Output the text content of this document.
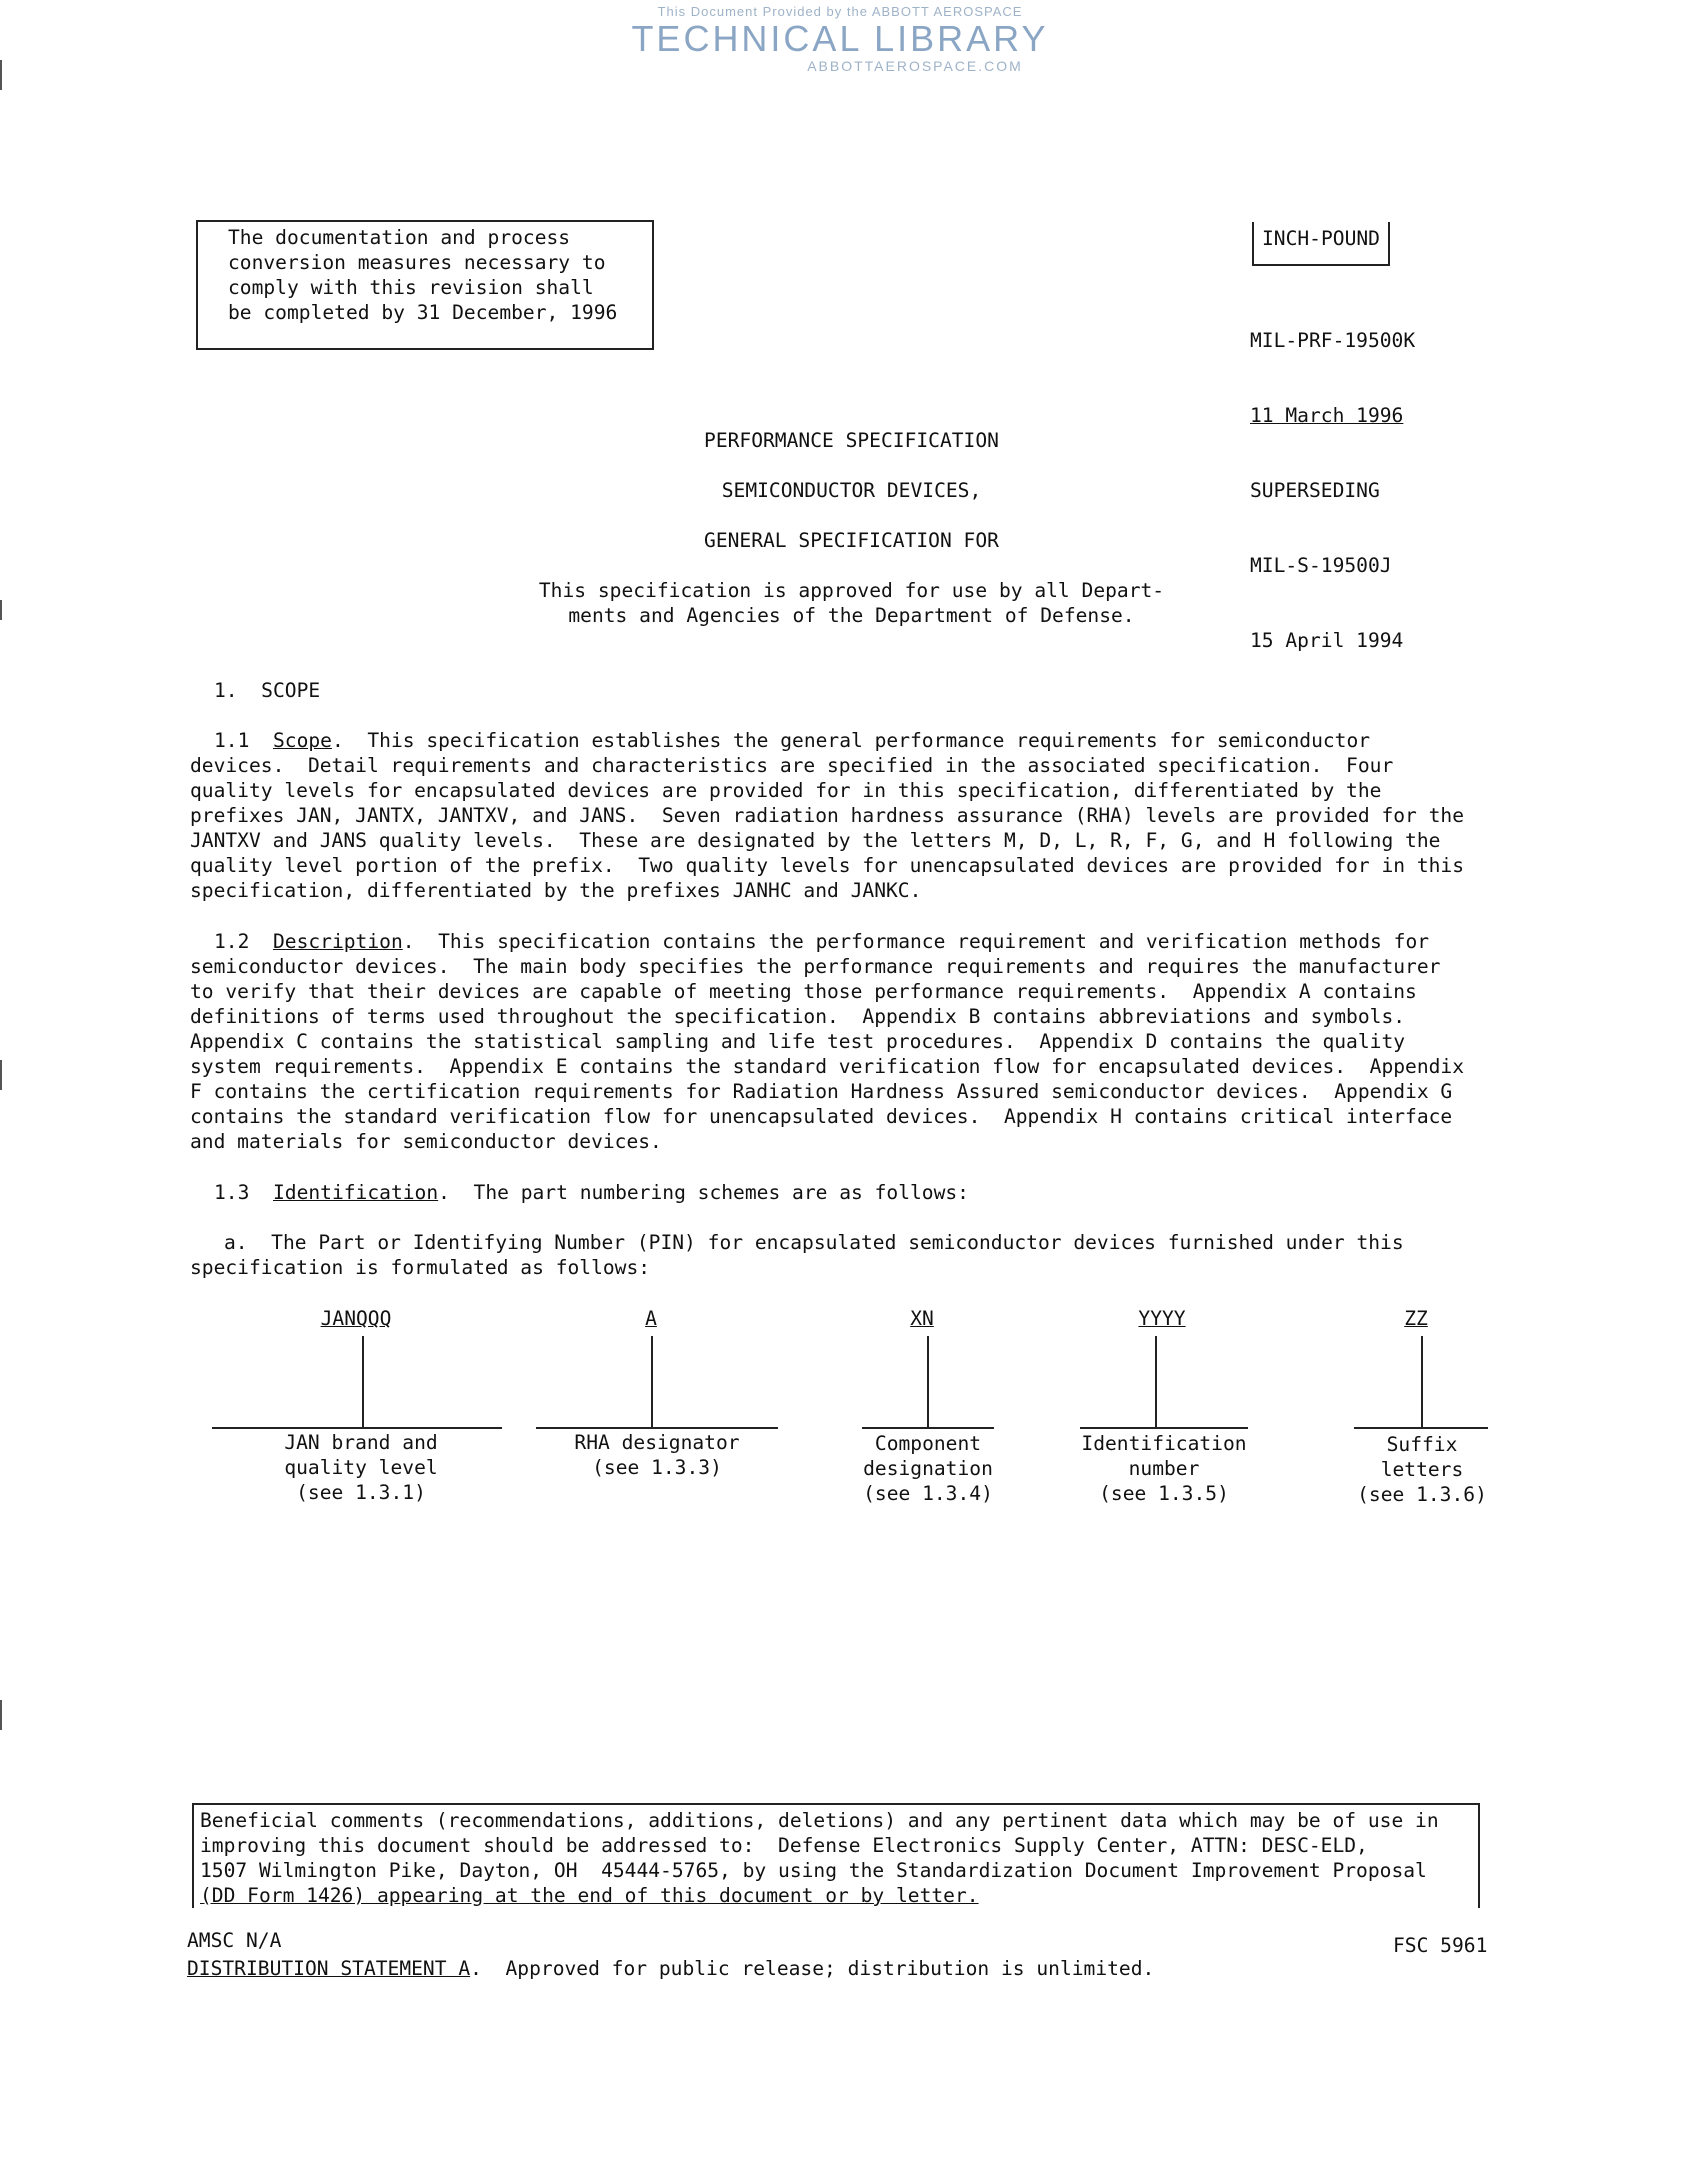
This Document Provided by the ABBOTT AEROSPACE
TECHNICAL LIBRARY
ABBOTTAEROSPACE.COM
The documentation and process
conversion measures necessary to
comply with this revision shall
be completed by 31 December, 1996
INCH-POUND

MIL-PRF-19500K

11 March 1996

SUPERSEDING

MIL-S-19500J

15 April 1994

PERFORMANCE SPECIFICATION
SEMICONDUCTOR DEVICES,
GENERAL SPECIFICATION FOR
This specification is approved for use by all Depart-
ments and Agencies of the Department of Defense.
1.  SCOPE
1.1 Scope.  This specification establishes the general performance requirements for semiconductor
devices.  Detail requirements and characteristics are specified in the associated specification.  Four
quality levels for encapsulated devices are provided for in this specification, differentiated by the
prefixes JAN, JANTX, JANTXV, and JANS.  Seven radiation hardness assurance (RHA) levels are provided for the
JANTXV and JANS quality levels.  These are designated by the letters M, D, L, R, F, G, and H following the
quality level portion of the prefix.  Two quality levels for unencapsulated devices are provided for in this
specification, differentiated by the prefixes JANHC and JANKC.
1.2 Description.  This specification contains the performance requirement and verification methods for
semiconductor devices.  The main body specifies the performance requirements and requires the manufacturer
to verify that their devices are capable of meeting those performance requirements.  Appendix A contains
definitions of terms used throughout the specification.  Appendix B contains abbreviations and symbols.
Appendix C contains the statistical sampling and life test procedures.  Appendix D contains the quality
system requirements.  Appendix E contains the standard verification flow for encapsulated devices.  Appendix
F contains the certification requirements for Radiation Hardness Assured semiconductor devices.  Appendix G
contains the standard verification flow for unencapsulated devices.  Appendix H contains critical interface
and materials for semiconductor devices.
1.3 Identification.  The part numbering schemes are as follows:
a.  The Part or Identifying Number (PIN) for encapsulated semiconductor devices furnished under this
specification is formulated as follows:
JANQQQ
JAN brand and
quality level
(see 1.3.1)
A
RHA designator
(see 1.3.3)
XN
Component
designation
(see 1.3.4)
YYYY
Identification
number
(see 1.3.5)
ZZ
Suffix
letters
(see 1.3.6)
Beneficial comments (recommendations, additions, deletions) and any pertinent data which may be of use in
improving this document should be addressed to:  Defense Electronics Supply Center, ATTN: DESC-ELD,
1507 Wilmington Pike, Dayton, OH  45444-5765, by using the Standardization Document Improvement Proposal
(DD Form 1426) appearing at the end of this document or by letter.
AMSC N/A	FSC 5961
DISTRIBUTION STATEMENT A.  Approved for public release; distribution is unlimited.
